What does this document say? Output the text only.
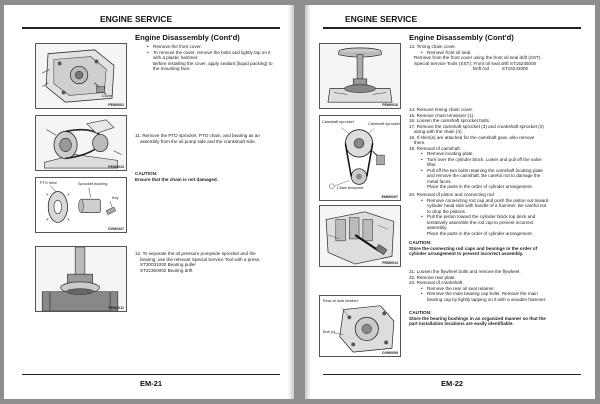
ENGINE SERVICE
Engine Disassembly (Cont'd)
Cover
PEM0001
• Remove the front cover.
• To remove the cover, remove the bolts and lightly tap on it
with a plastic hammer.
Before installing the cover, apply sealant (liquid packing) to
the mounting face.
PEM0013
11. Remove the PTO sprocket, PTO chain, and bearing as an
assembly from the oil pump side and the crankshaft side.
CAUTION:
Ensure that the chain is not damaged.
PTO drive	Sprocket bushing
Key
OVM0347
PEM0011
12. To separate the oil pressure pumpside sprocket and the
bearing, use the relevant Special Service Tool with a press.
ST30031000 Bearing puller
ST22360002 Bearing drift
EM-21
ENGINE SERVICE
Engine Disassembly (Cont'd)
13. Timing chain cover.
• Remove front oil seal.
Remove from the front cover using the front oil seal drift (SST).
Special Service Tools (SST): Front oil seal drift ST15245000
Drift rod          ST15243000
PEM0016
Camshaft sprocket	Camshaft sprocket
Chain tensioner
EMM0097
14. Remove timing chain cover.
15. Remove chain tensioner (1).
16. Loosen the camshaft sprocket bolts.
17. Remove the camshaft sprocket (3) and crankshaft sprocket (2)
along with the chain (4).
18. If shim(s) are attached for the camshaft gear, also remove
them.
19. Removal of camshaft
• Remove locating plate.
• Turn over the cylinder block. Lower and pull off the valve
lifter.
• Pull off the two bolts retaining the camshaft locating plate
and remove the camshaft. Be careful not to damage the
metal faces.
Place the parts in the order of cylinder arrangement.
PEM0014
20. Removal of piston and connecting rod
• Remove connecting rod cap and push the piston out toward
cylinder head side with handle of a hammer. Be careful not
to drop the pistons.
• Pull the piston toward the cylinder block top deck and
tentatively assemble the rod cap to prevent incorrect
assembly.
Place the parts in the order of cylinder arrangement.
CAUTION:
Store the connecting rod caps and bearings in the order of
cylinder arrangement to prevent incorrect assembly.
21. Loosen the flywheel bolts and remove the flywheel.
22. Remove rear plate.
23. Removal of crankshaft
• Remove the rear oil seal retainer.
• Remove the main bearing cap bolts. Remove the main
bearing cap by lightly tapping on it with a wooden hammer.
CAUTION:
Store the bearing bushings in an organized manner so that the
part installation locations are easily identifiable.
Rear oil seal retainer
Bolt (x)
OVM0059
EM-22
